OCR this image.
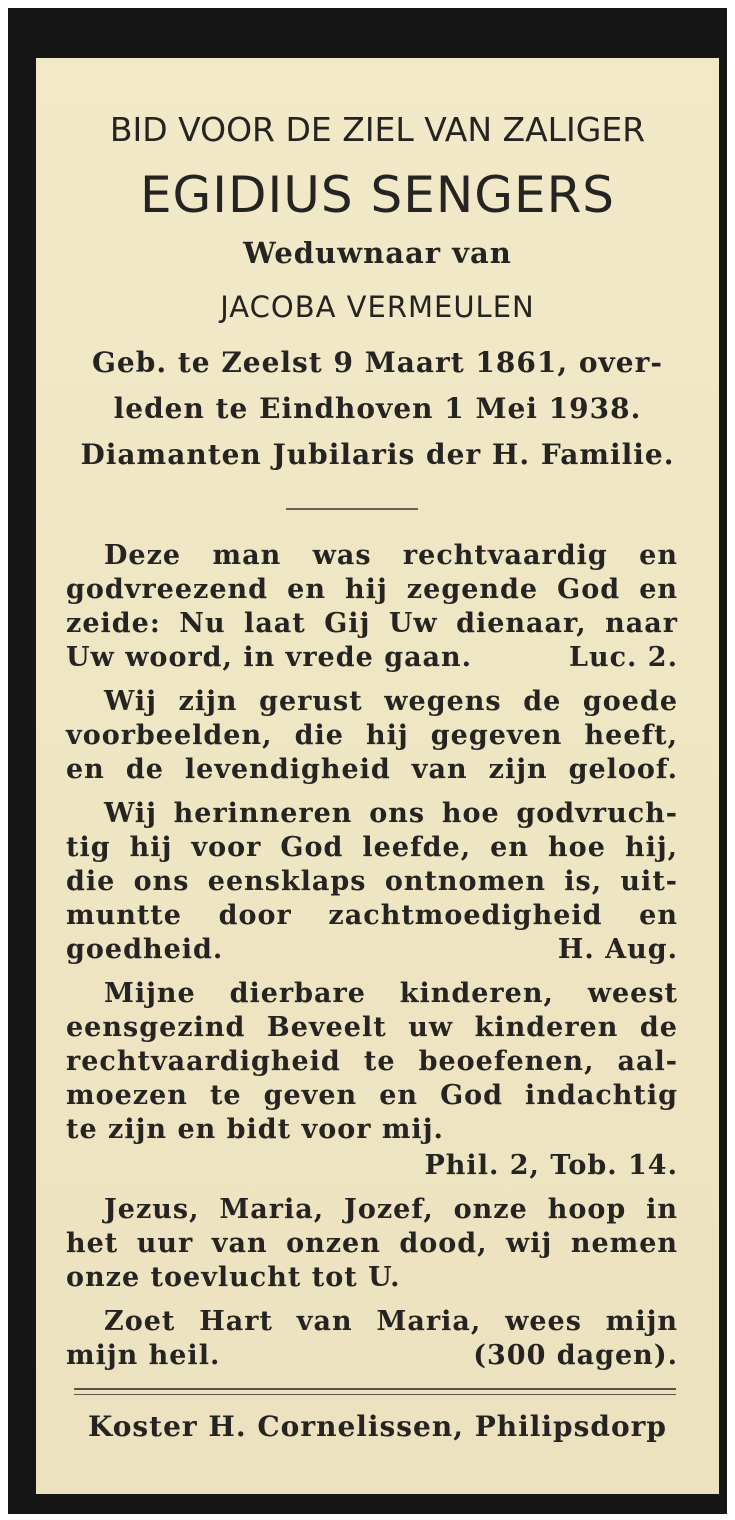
BID VOOR DE ZIEL VAN ZALIGER
EGIDIUS SENGERS
Weduwnaar van
JACOBA VERMEULEN
Geb. te Zeelst 9 Maart 1861, over-
leden te Eindhoven 1 Mei 1938.
Diamanten Jubilaris der H. Familie.
Deze man was rechtvaardig en
godvreezend en hij zegende God en
zeide: Nu laat Gij Uw dienaar, naar
Uw woord, in vrede gaan.	Luc. 2.
Wij zijn gerust wegens de goede
voorbeelden, die hij gegeven heeft,
en de levendigheid van zijn geloof.
Wij herinneren ons hoe godvruch-
tig hij voor God leefde, en hoe hij,
die ons eensklaps ontnomen is, uit-
muntte door zachtmoedigheid en
goedheid.	H. Aug.
Mijne dierbare kinderen, weest
eensgezind Beveelt uw kinderen de
rechtvaardigheid te beoefenen, aal-
moezen te geven en God indachtig
te zijn en bidt voor mij.
Phil. 2, Tob. 14.
Jezus, Maria, Jozef, onze hoop in
het uur van onzen dood, wij nemen
onze toevlucht tot U.
Zoet Hart van Maria, wees mijn
mijn heil.	(300 dagen).
Koster H. Cornelissen, Philipsdorp
